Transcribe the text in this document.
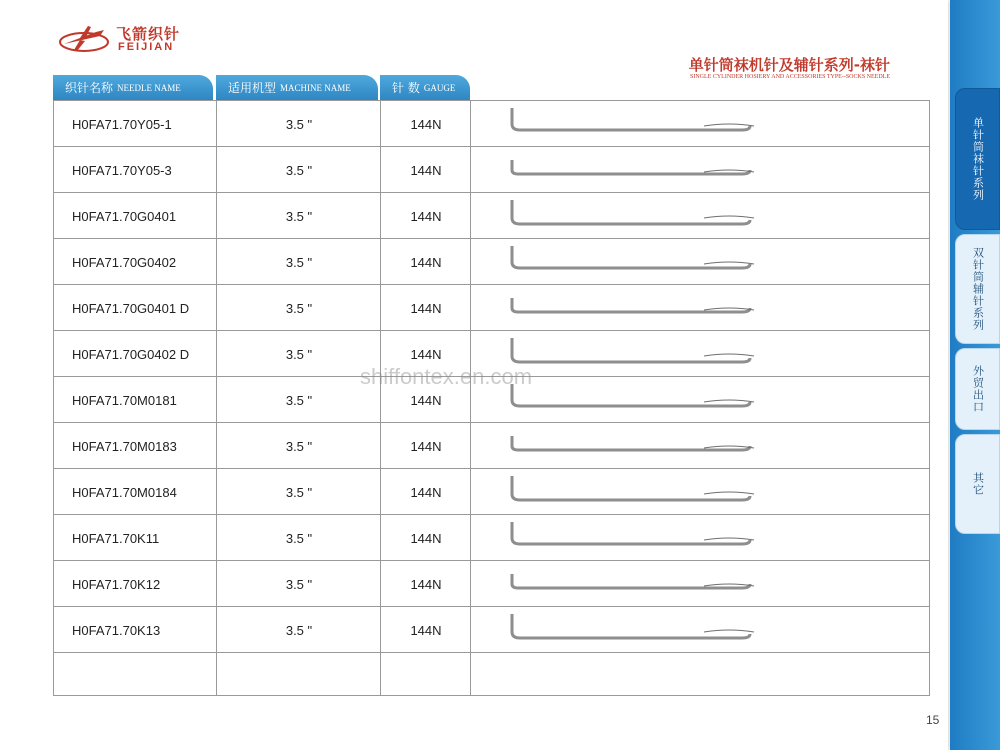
飞箭织针
FEIJIAN
单针筒袜机针及辅针系列-袜针
SINGLE CYLINDER HOSIERY AND ACCESSORIES TYPE--SOCKS NEEDLE
织针名称 NEEDLE NAME	适用机型 MACHINE NAME	针 数 GAUGE
H0FA71.70Y05-1	3.5 "	144N
H0FA71.70Y05-3	3.5 "	144N
H0FA71.70G0401	3.5 "	144N
H0FA71.70G0402	3.5 "	144N
H0FA71.70G0401 D	3.5 "	144N
H0FA71.70G0402 D	3.5 "	144N
H0FA71.70M0181	3.5 "	144N
H0FA71.70M0183	3.5 "	144N
H0FA71.70M0184	3.5 "	144N
H0FA71.70K11	3.5 "	144N
H0FA71.70K12	3.5 "	144N
H0FA71.70K13	3.5 "	144N
单针筒袜针系列
双针筒辅针系列
外贸出口
其它
shiffontex.en.com
15
